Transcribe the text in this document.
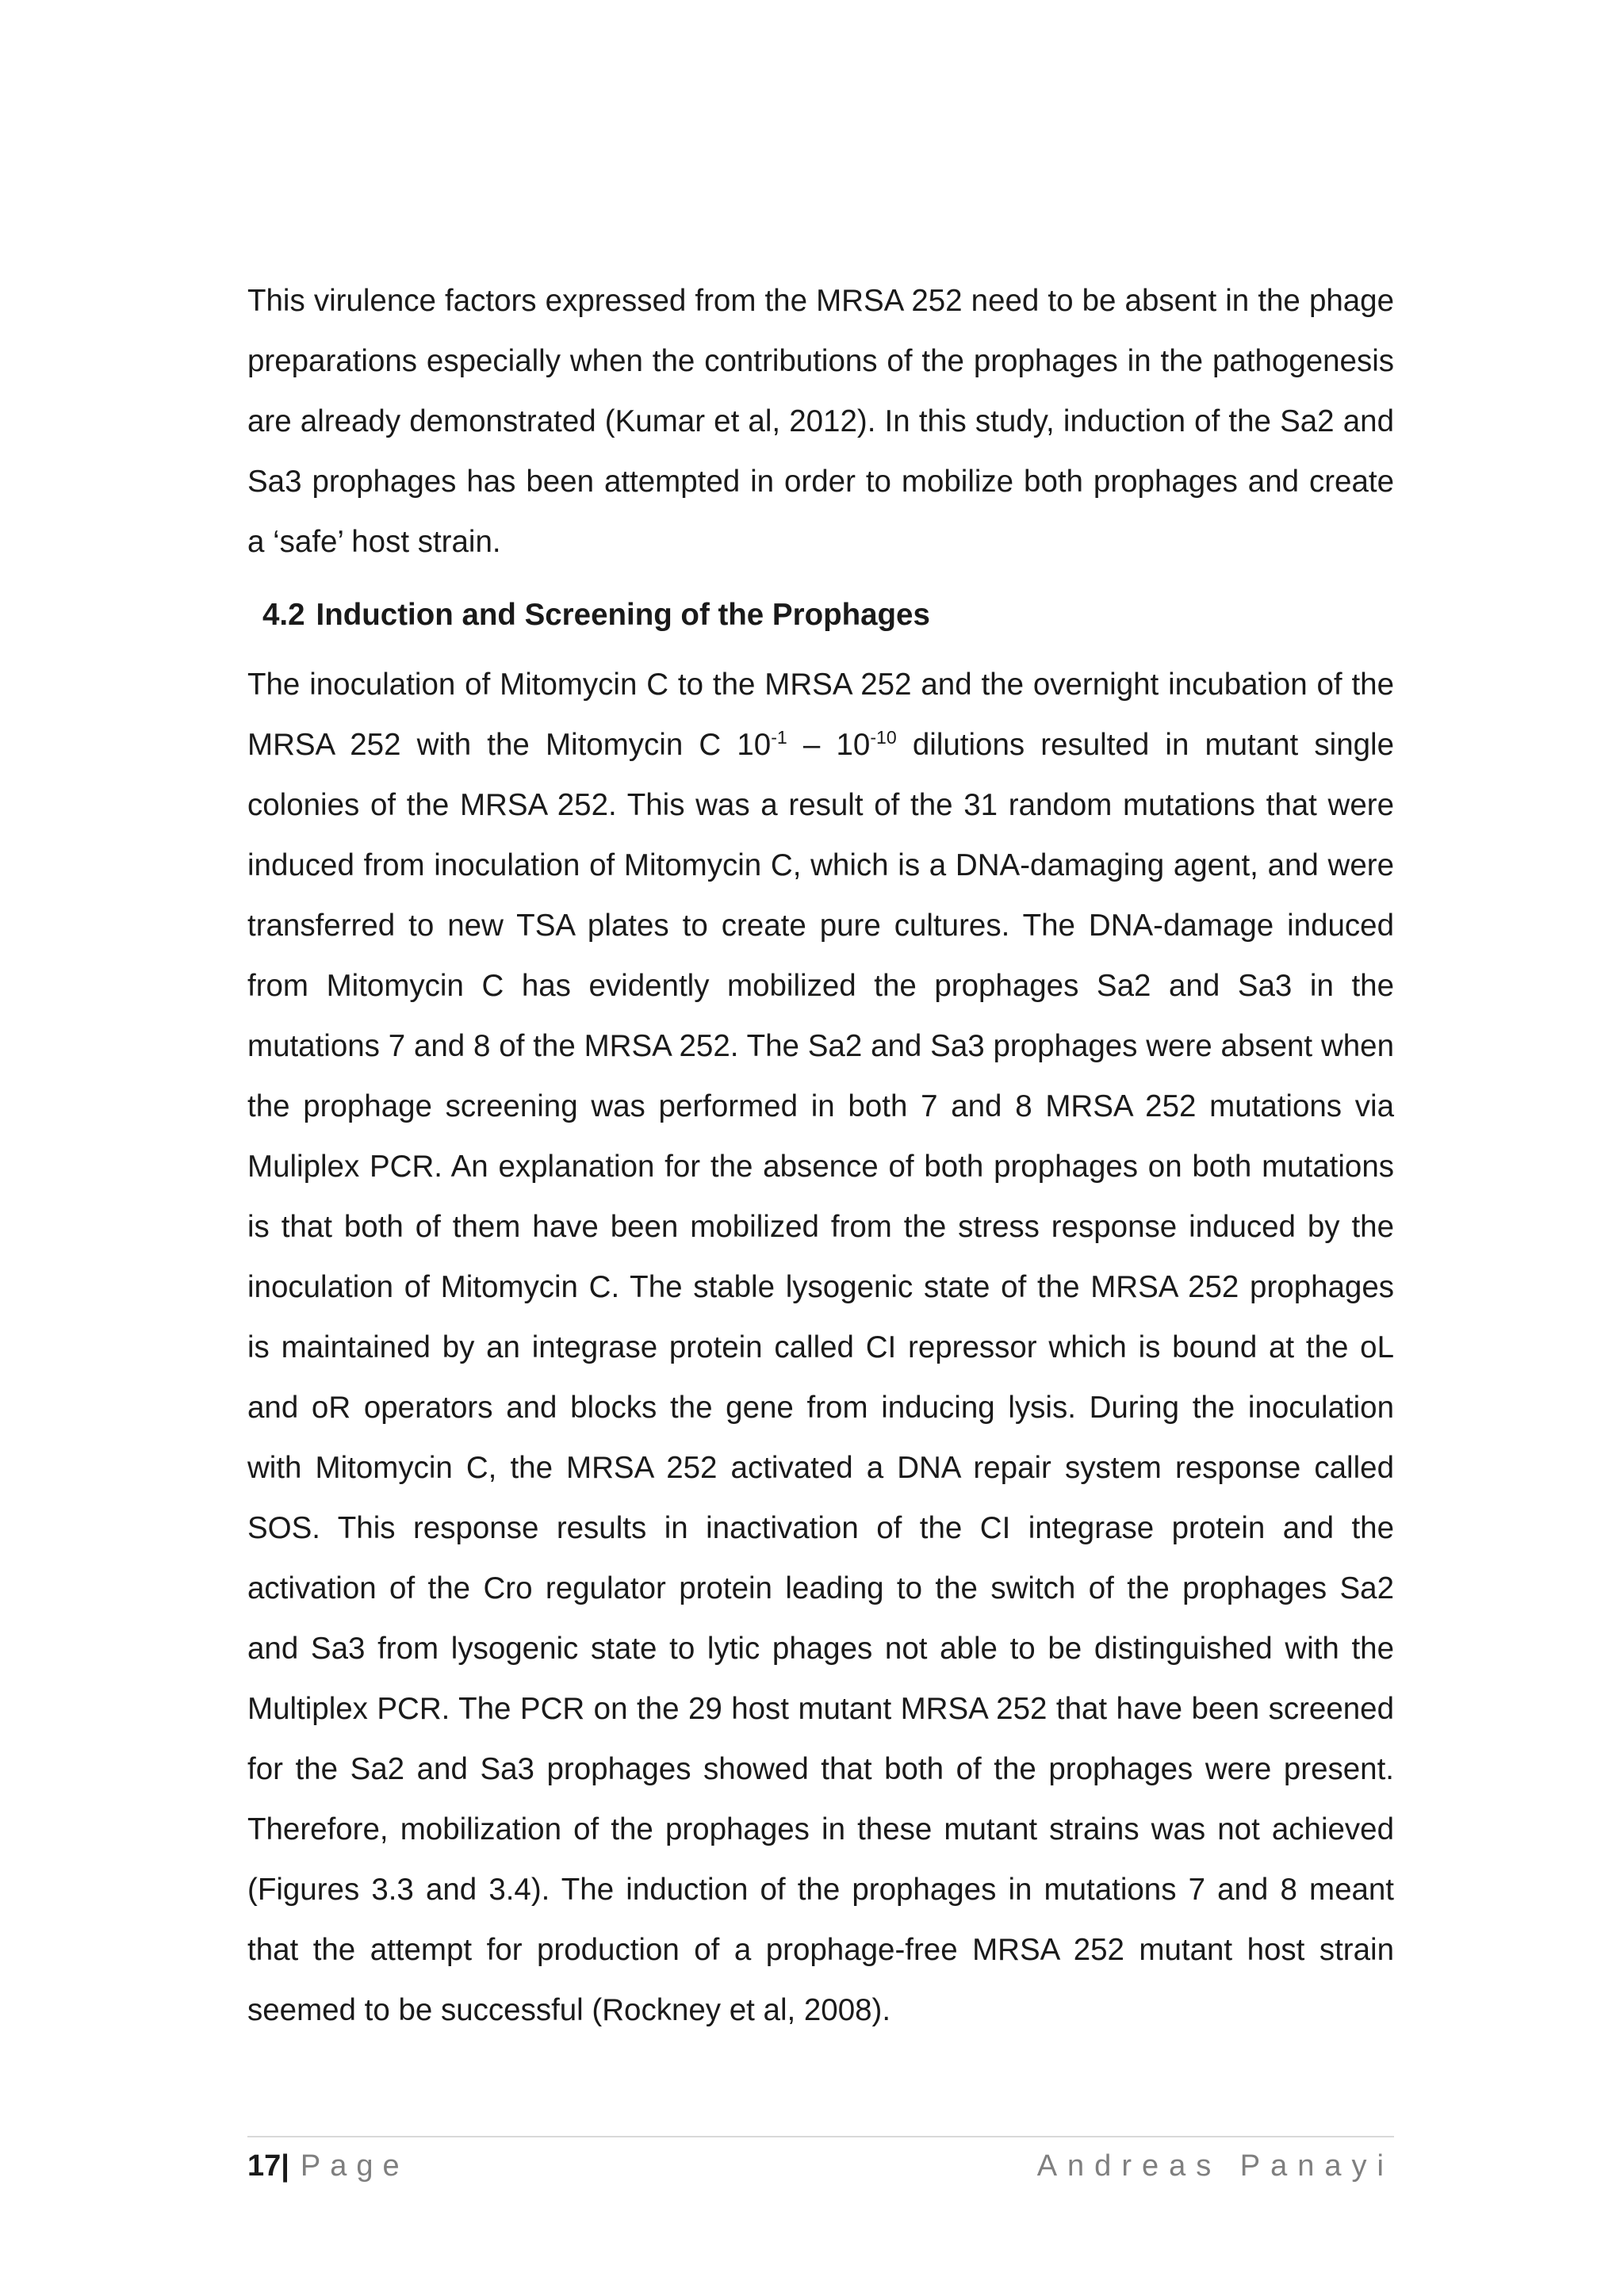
This virulence factors expressed from the MRSA 252 need to be absent in the phage preparations especially when the contributions of the prophages in the pathogenesis are already demonstrated (Kumar et al, 2012). In this study, induction of the Sa2 and Sa3 prophages has been attempted in order to mobilize both prophages and create a ‘safe’ host strain.

4.2 Induction and Screening of the Prophages

The inoculation of Mitomycin C to the MRSA 252 and the overnight incubation of the MRSA 252 with the Mitomycin C $10^{-1} - 10^{-10}$ dilutions resulted in mutant single colonies of the MRSA 252. This was a result of the 31 random mutations that were induced from inoculation of Mitomycin C, which is a DNA-damaging agent, and were transferred to new TSA plates to create pure cultures. The DNA-damage induced from Mitomycin C has evidently mobilized the prophages Sa2 and Sa3 in the mutations 7 and 8 of the MRSA 252. The Sa2 and Sa3 prophages were absent when the prophage screening was performed in both 7 and 8 MRSA 252 mutations via Muliplex PCR. An explanation for the absence of both prophages on both mutations is that both of them have been mobilized from the stress response induced by the inoculation of Mitomycin C. The stable lysogenic state of the MRSA 252 prophages is maintained by an integrase protein called CI repressor which is bound at the oL and oR operators and blocks the gene from inducing lysis. During the inoculation with Mitomycin C, the MRSA 252 activated a DNA repair system response called SOS. This response results in inactivation of the CI integrase protein and the activation of the Cro regulator protein leading to the switch of the prophages Sa2 and Sa3 from lysogenic state to lytic phages not able to be distinguished with the Multiplex PCR. The PCR on the 29 host mutant MRSA 252 that have been screened for the Sa2 and Sa3 prophages showed that both of the prophages were present. Therefore, mobilization of the prophages in these mutant strains was not achieved (Figures 3.3 and 3.4). The induction of the prophages in mutations 7 and 8 meant that the attempt for production of a prophage-free MRSA 252 mutant host strain seemed to be successful (Rockney et al, 2008).

17| Page	Andreas Panayi
